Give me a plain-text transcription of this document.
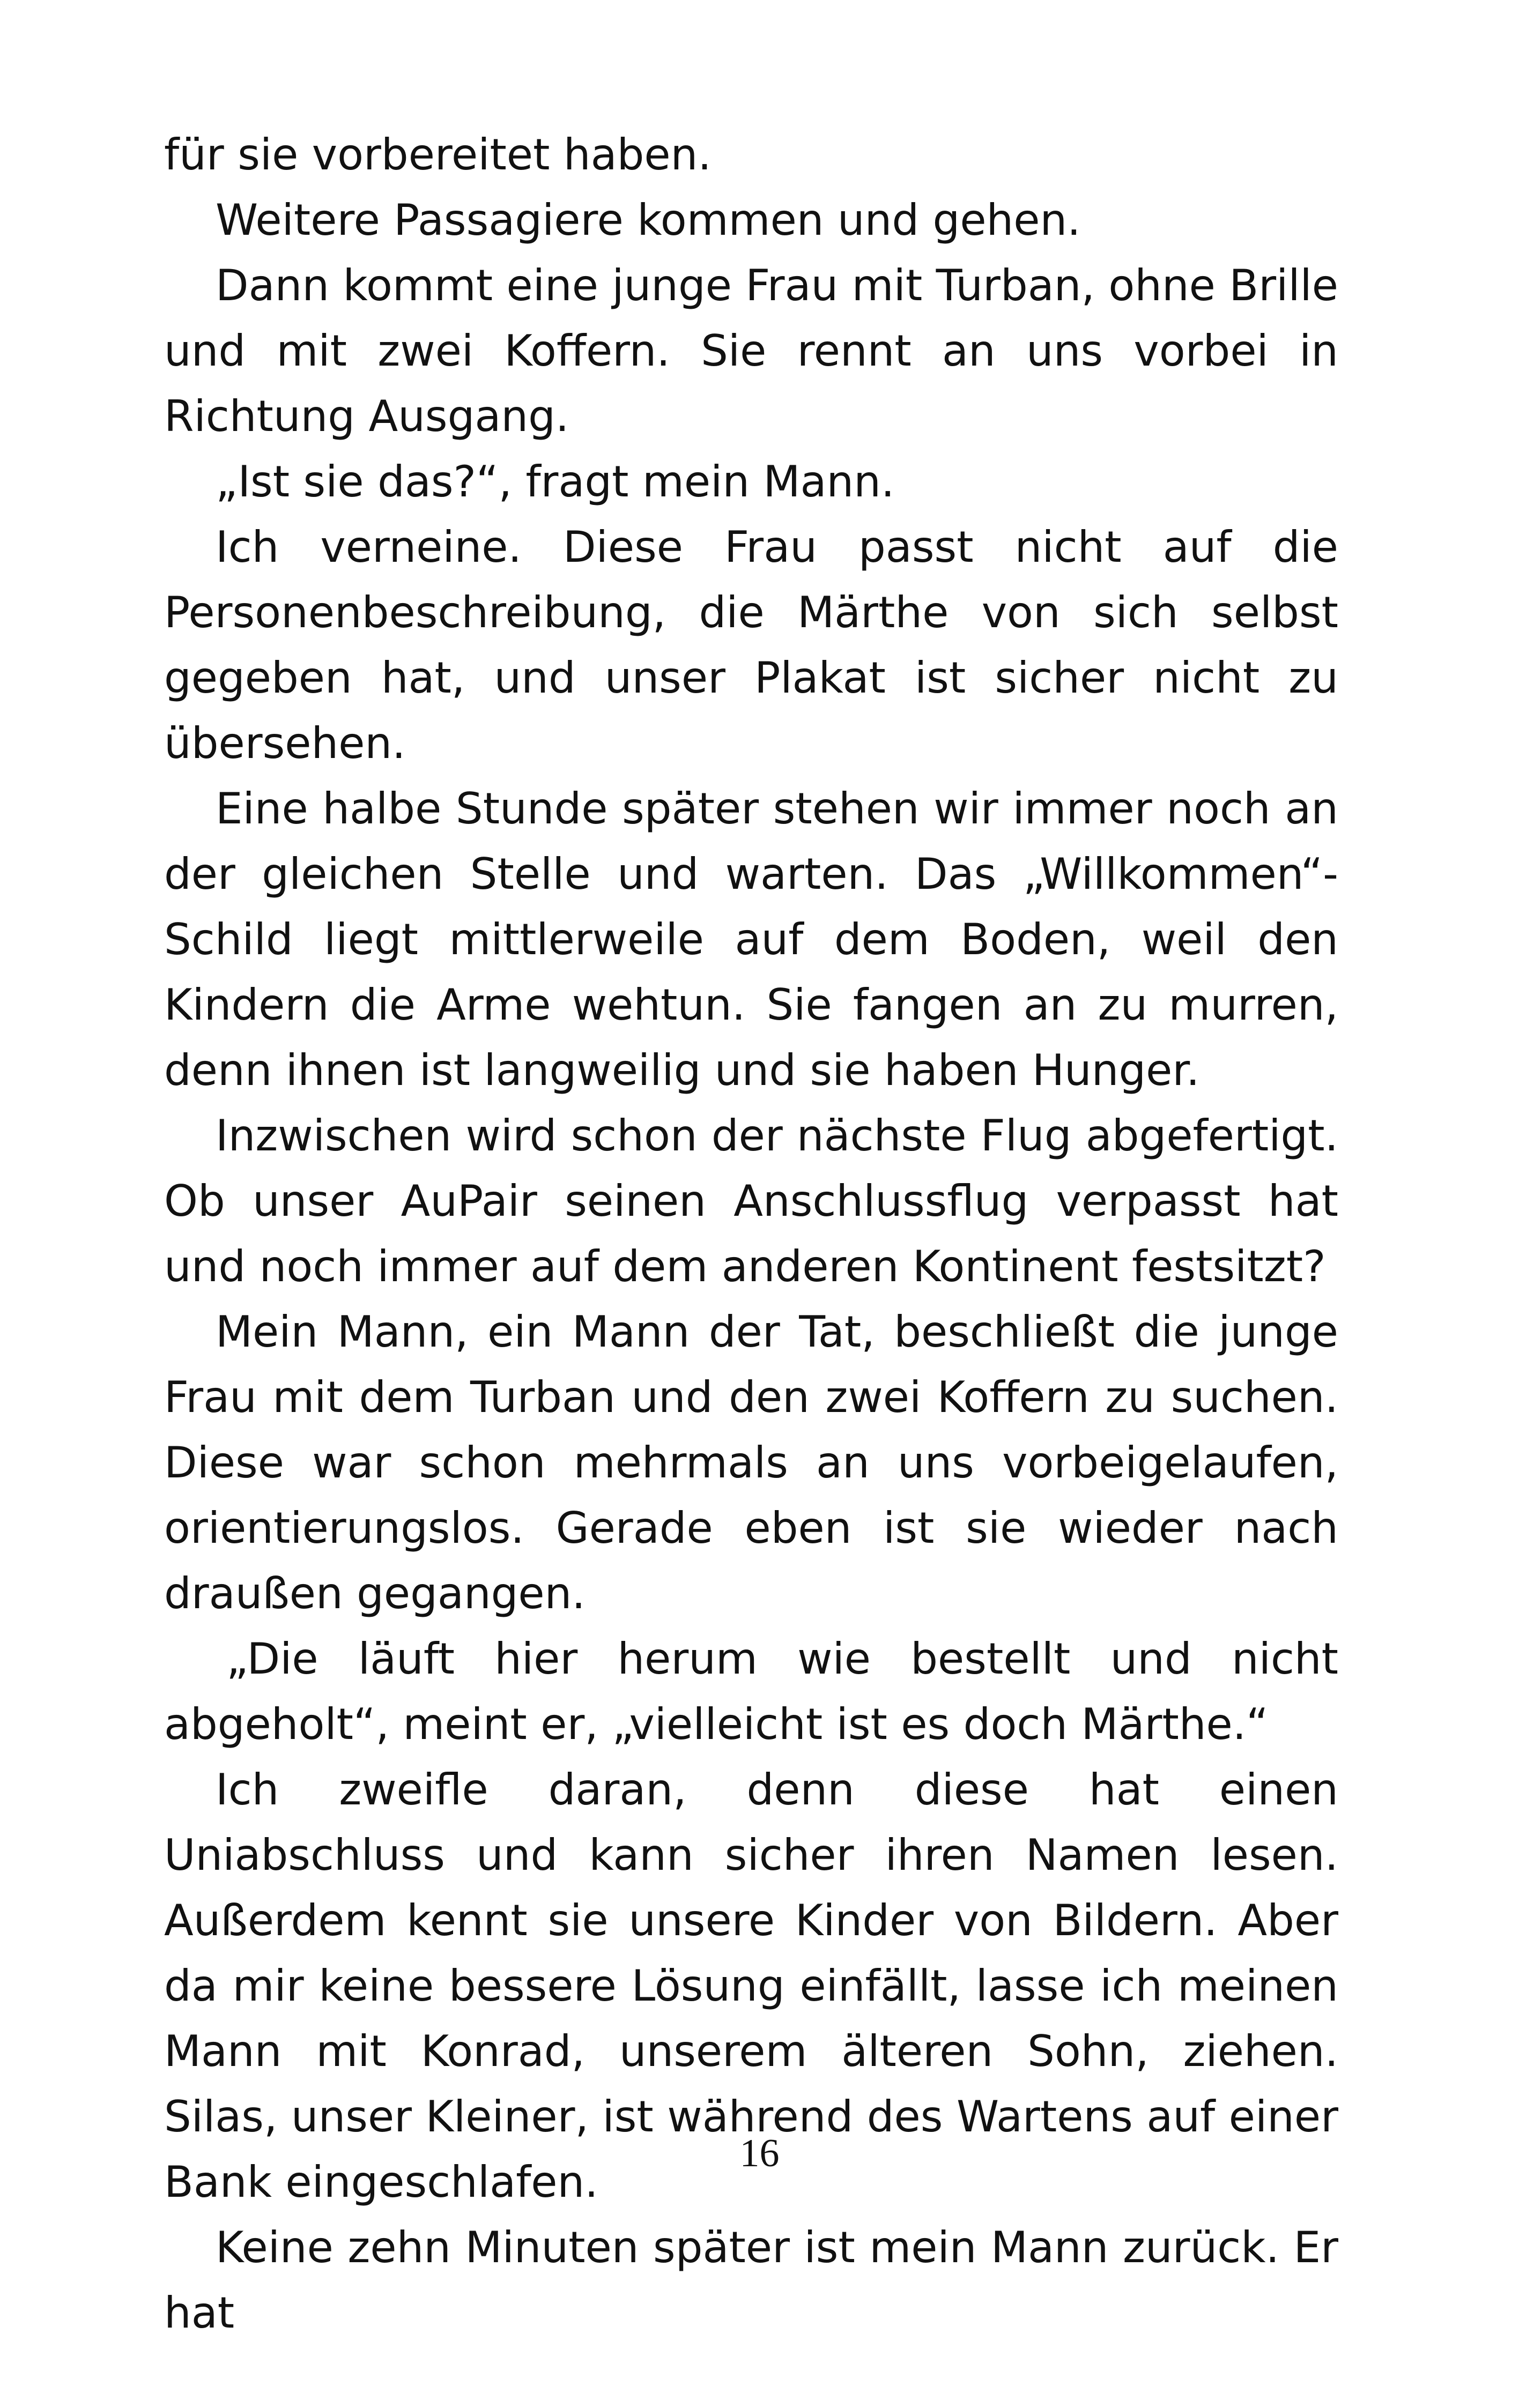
für sie vorbereitet haben.

Weitere Passagiere kommen und gehen.

Dann kommt eine junge Frau mit Turban, ohne Brille und mit zwei Koffern. Sie rennt an uns vorbei in Richtung Ausgang.

„Ist sie das?“, fragt mein Mann.

Ich verneine. Diese Frau passt nicht auf die Personenbeschreibung, die Märthe von sich selbst gegeben hat, und unser Plakat ist sicher nicht zu übersehen.

Eine halbe Stunde später stehen wir immer noch an der gleichen Stelle und warten. Das „Willkommen“-Schild liegt mittlerweile auf dem Boden, weil den Kindern die Arme wehtun. Sie fangen an zu murren, denn ihnen ist langweilig und sie haben Hunger.

Inzwischen wird schon der nächste Flug abgefertigt. Ob unser AuPair seinen Anschlussflug verpasst hat und noch immer auf dem anderen Kontinent festsitzt?

Mein Mann, ein Mann der Tat, beschließt die junge Frau mit dem Turban und den zwei Koffern zu suchen. Diese war schon mehrmals an uns vorbeigelaufen, orientierungslos. Gerade eben ist sie wieder nach draußen gegangen.

„Die läuft hier herum wie bestellt und nicht abgeholt“, meint er, „vielleicht ist es doch Märthe.“

Ich zweifle daran, denn diese hat einen Uniabschluss und kann sicher ihren Namen lesen. Außerdem kennt sie unsere Kinder von Bildern. Aber da mir keine bessere Lösung einfällt, lasse ich meinen Mann mit Konrad, unserem älteren Sohn, ziehen. Silas, unser Kleiner, ist während des Wartens auf einer Bank eingeschlafen.

Keine zehn Minuten später ist mein Mann zurück. Er hat

16
